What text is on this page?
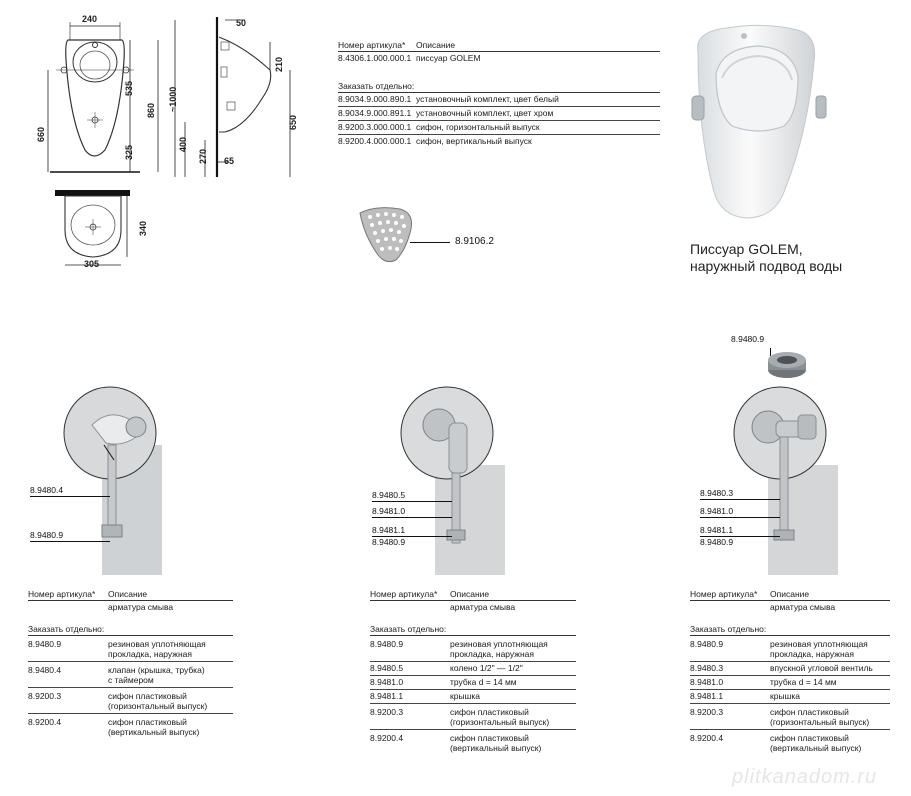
240
660
535
325
860
340
305
50
210
~1000
650
400
270 65
Номер артикула*	Описание
8.4306.1.000.000.1 писсуар GOLEM
Заказать отдельно:
8.9034.9.000.890.1 установочный комплект, цвет белый
8.9034.9.000.891.1 установочный комплект, цвет хром
8.9200.3.000.000.1 сифон, горизонтальный выпуск
8.9200.4.000.000.1 сифон, вертикальный выпуск
8.9106.2	Писсуар GOLEM,
наружный подвод воды
8.9480.9
8.9480.4
8.9480.9
8.9480.5
8.9481.0
8.9481.1
8.9480.9
8.9480.3
8.9481.0
8.9481.1
8.9480.9
Номер артикула*	Описание
арматура смыва
Заказать отдельно:
8.9480.9	резиновая уплотняющая
прокладка, наружная
8.9480.4	клапан (крышка, трубка)
с таймером
8.9200.3	сифон пластиковый
(горизонтальный выпуск)
8.9200.4	сифон пластиковый
(вертикальный выпуск)
Номер артикула*	Описание
арматура смыва
Заказать отдельно:
8.9480.9	резиновая уплотняющая
прокладка, наружная
8.9480.5	колено 1/2" — 1/2"
8.9481.0	трубка d = 14 мм
8.9481.1	крышка
8.9200.3	сифон пластиковый
(горизонтальный выпуск)
8.9200.4	сифон пластиковый
(вертикальный выпуск)
Номер артикула*	Описание
арматура смыва
Заказать отдельно:
8.9480.9	резиновая уплотняющая
прокладка, наружная
8.9480.3	впускной угловой вентиль
8.9481.0	трубка d = 14 мм
8.9481.1	крышка
8.9200.3	сифон пластиковый
(горизонтальный выпуск)
8.9200.4	сифон пластиковый
(вертикальный выпуск)
plitkanadom.ru
